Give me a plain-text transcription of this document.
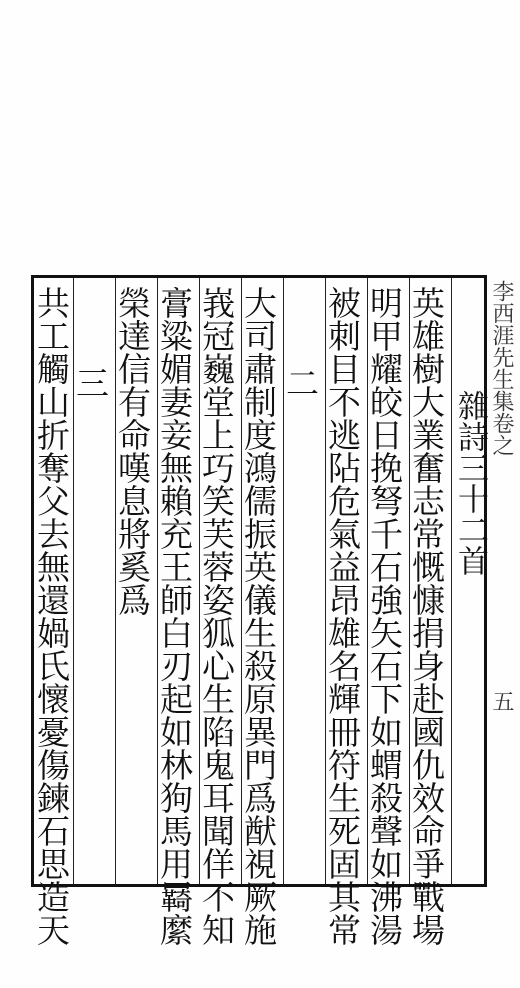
李西涯先生集卷之
五
雜詩三十二首
英雄樹大業奮志常慨慷捐身赴國仇效命爭戰場
明甲耀皎日挽弩千石強矢石下如蝟殺聲如沸湯
被刺目不逃阽危氣益昂雄名輝冊符生死固其常
二
大司肅制度鴻儒振英儀生殺原異門爲猷視厥施
峩冠巍堂上巧笑芙蓉姿狐心生陷鬼耳聞佯不知
膏粱媚妻妾無賴充王師白刃起如林狗馬用羇縻
榮達信有命嘆息將奚爲
三
共工觸山折奪父去無還媧氏懷憂傷鍊石思造天
